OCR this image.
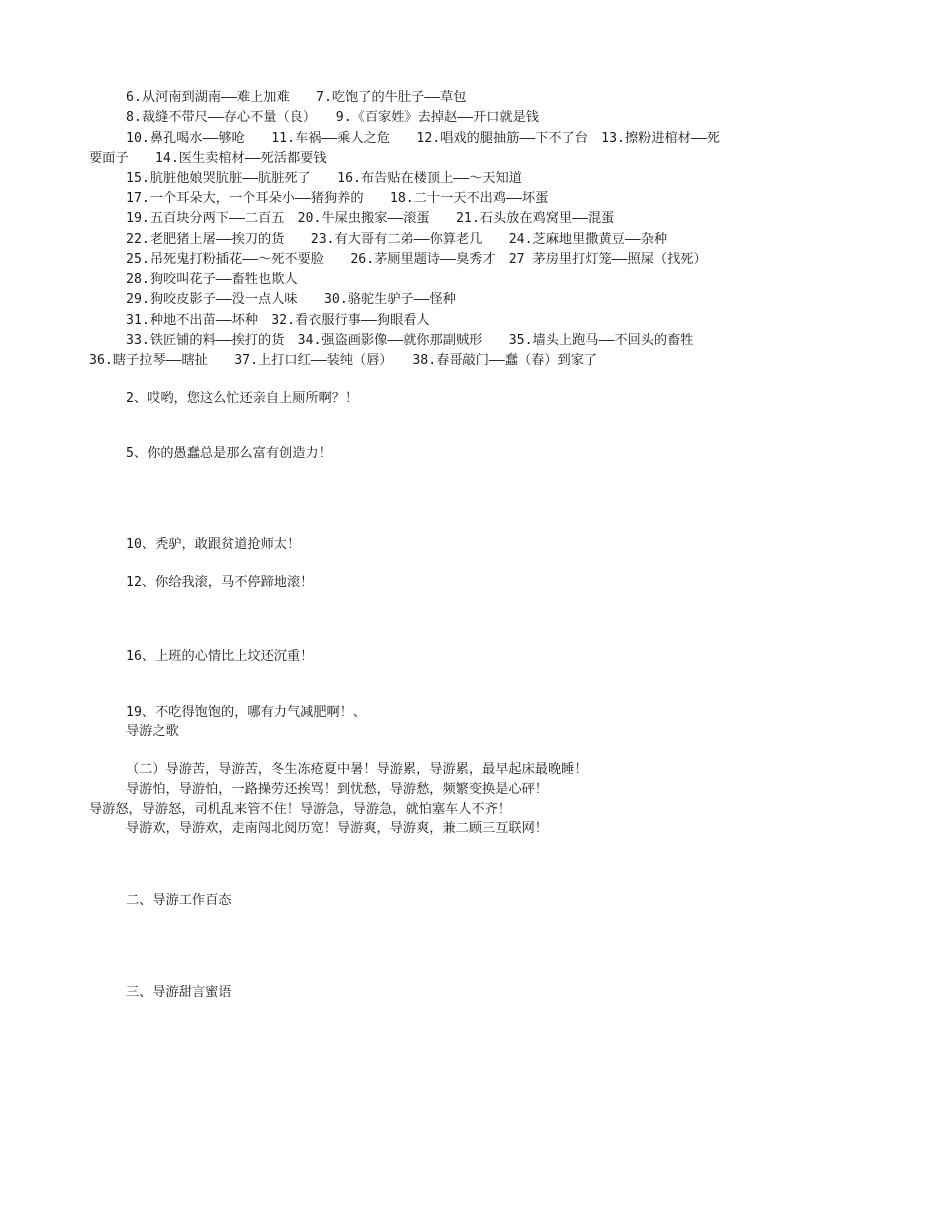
6.从河南到湖南——难上加难　　7.吃饱了的牛肚子——草包
8.裁缝不带尺——存心不量（良）　　9.《百家姓》去掉赵——开口就是钱
10.鼻孔喝水——够呛　　11.车祸——乘人之危　　12.唱戏的腿抽筋——下不了台　13.擦粉进棺材——死
要面子　　14.医生卖棺材——死活都要钱
15.肮脏他娘哭肮脏——肮脏死了　　16.布告贴在楼顶上——～天知道
17.一个耳朵大，一个耳朵小——猪狗养的　　18.二十一天不出鸡——坏蛋
19.五百块分两下——二百五　20.牛屎虫搬家——滚蛋　　21.石头放在鸡窝里——混蛋
22.老肥猪上屠——挨刀的货　　23.有大哥有二弟——你算老几　　24.芝麻地里撒黄豆——杂种
25.吊死鬼打粉插花——～死不要脸　　26.茅厕里题诗——臭秀才　27 茅房里打灯笼——照屎（找死）
28.狗咬叫花子——畜牲也欺人
29.狗咬皮影子——没一点人味　　30.骆驼生驴子——怪种
31.种地不出苗——坏种　32.看衣服行事——狗眼看人
33.铁匠铺的料——挨打的货　34.强盗画影像——就你那副贼形　　35.墙头上跑马——不回头的畜牲
36.瞎子拉琴——瞎扯　　37.上打口红——装纯（唇）　　38.春哥敲门——蠢（春）到家了
2、哎哟，您这么忙还亲自上厕所啊？！
5、你的愚蠢总是那么富有创造力！
10、秃驴，敢跟贫道抢师太！
12、你给我滚，马不停蹄地滚！
16、上班的心情比上坟还沉重！
19、不吃得饱饱的，哪有力气减肥啊！、
导游之歌
（二）导游苦，导游苦，冬生冻疮夏中暑！导游累，导游累，最早起床最晚睡！
导游怕，导游怕，一路操劳还挨骂！到忧愁，导游愁，频繁变换是心砰！
导游怒，导游怒，司机乱来管不住！导游急，导游急，就怕塞车人不齐！
导游欢，导游欢，走南闯北阅历宽！导游爽，导游爽，兼二顾三互联网！
二、导游工作百态
三、导游甜言蜜语
